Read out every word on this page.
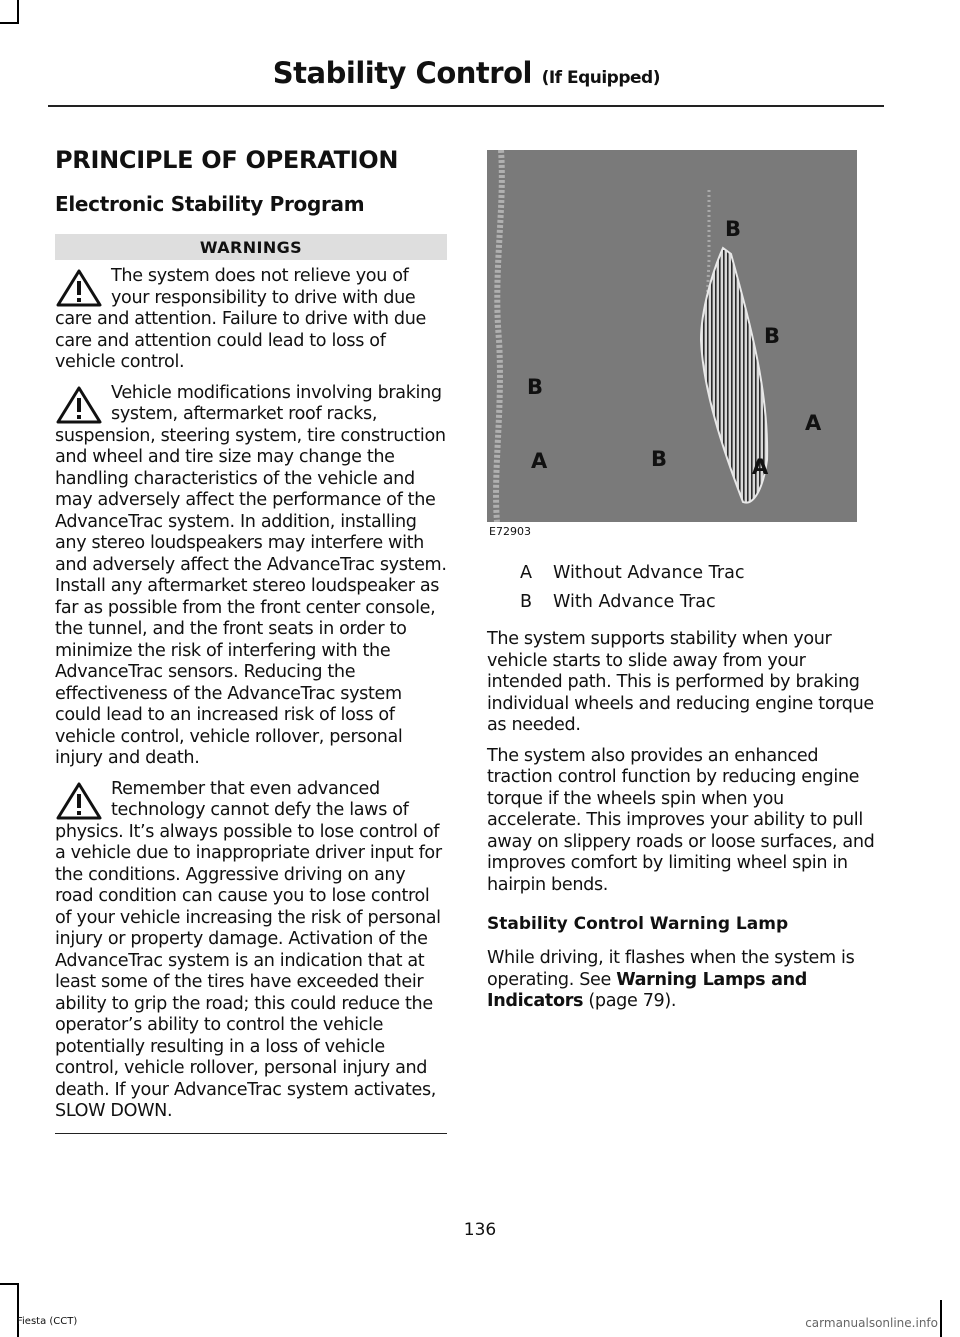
Stability Control (If Equipped)
PRINCIPLE OF OPERATION
Electronic Stability Program
WARNINGS

The system does not relieve you of your responsibility to drive with due care and attention. Failure to drive with due care and attention could lead to loss of vehicle control.

Vehicle modifications involving braking system, aftermarket roof racks, suspension, steering system, tire construction and wheel and tire size may change the handling characteristics of the vehicle and may adversely affect the performance of the AdvanceTrac system. In addition, installing any stereo loudspeakers may interfere with and adversely affect the AdvanceTrac system. Install any aftermarket stereo loudspeaker as far as possible from the front center console, the tunnel, and the front seats in order to minimize the risk of interfering with the AdvanceTrac sensors. Reducing the effectiveness of the AdvanceTrac system could lead to an increased risk of loss of vehicle control, vehicle rollover, personal injury and death.

Remember that even advanced technology cannot defy the laws of physics. It’s always possible to lose control of a vehicle due to inappropriate driver input for the conditions. Aggressive driving on any road condition can cause you to lose control of your vehicle increasing the risk of personal injury or property damage. Activation of the AdvanceTrac system is an indication that at least some of the tires have exceeded their ability to grip the road; this could reduce the operator’s ability to control the vehicle potentially resulting in a loss of vehicle control, vehicle rollover, personal injury and death. If your AdvanceTrac system activates, SLOW DOWN.

B
B
B
A
A	B	A
E72903
A	Without Advance Trac
B	With Advance Trac

The system supports stability when your vehicle starts to slide away from your intended path. This is performed by braking individual wheels and reducing engine torque as needed.

The system also provides an enhanced traction control function by reducing engine torque if the wheels spin when you accelerate. This improves your ability to pull away on slippery roads or loose surfaces, and improves comfort by limiting wheel spin in hairpin bends.

Stability Control Warning Lamp

While driving, it flashes when the system is operating. See Warning Lamps and Indicators (page 79).

136
Fiesta (CCT)	carmanualsonline.info
